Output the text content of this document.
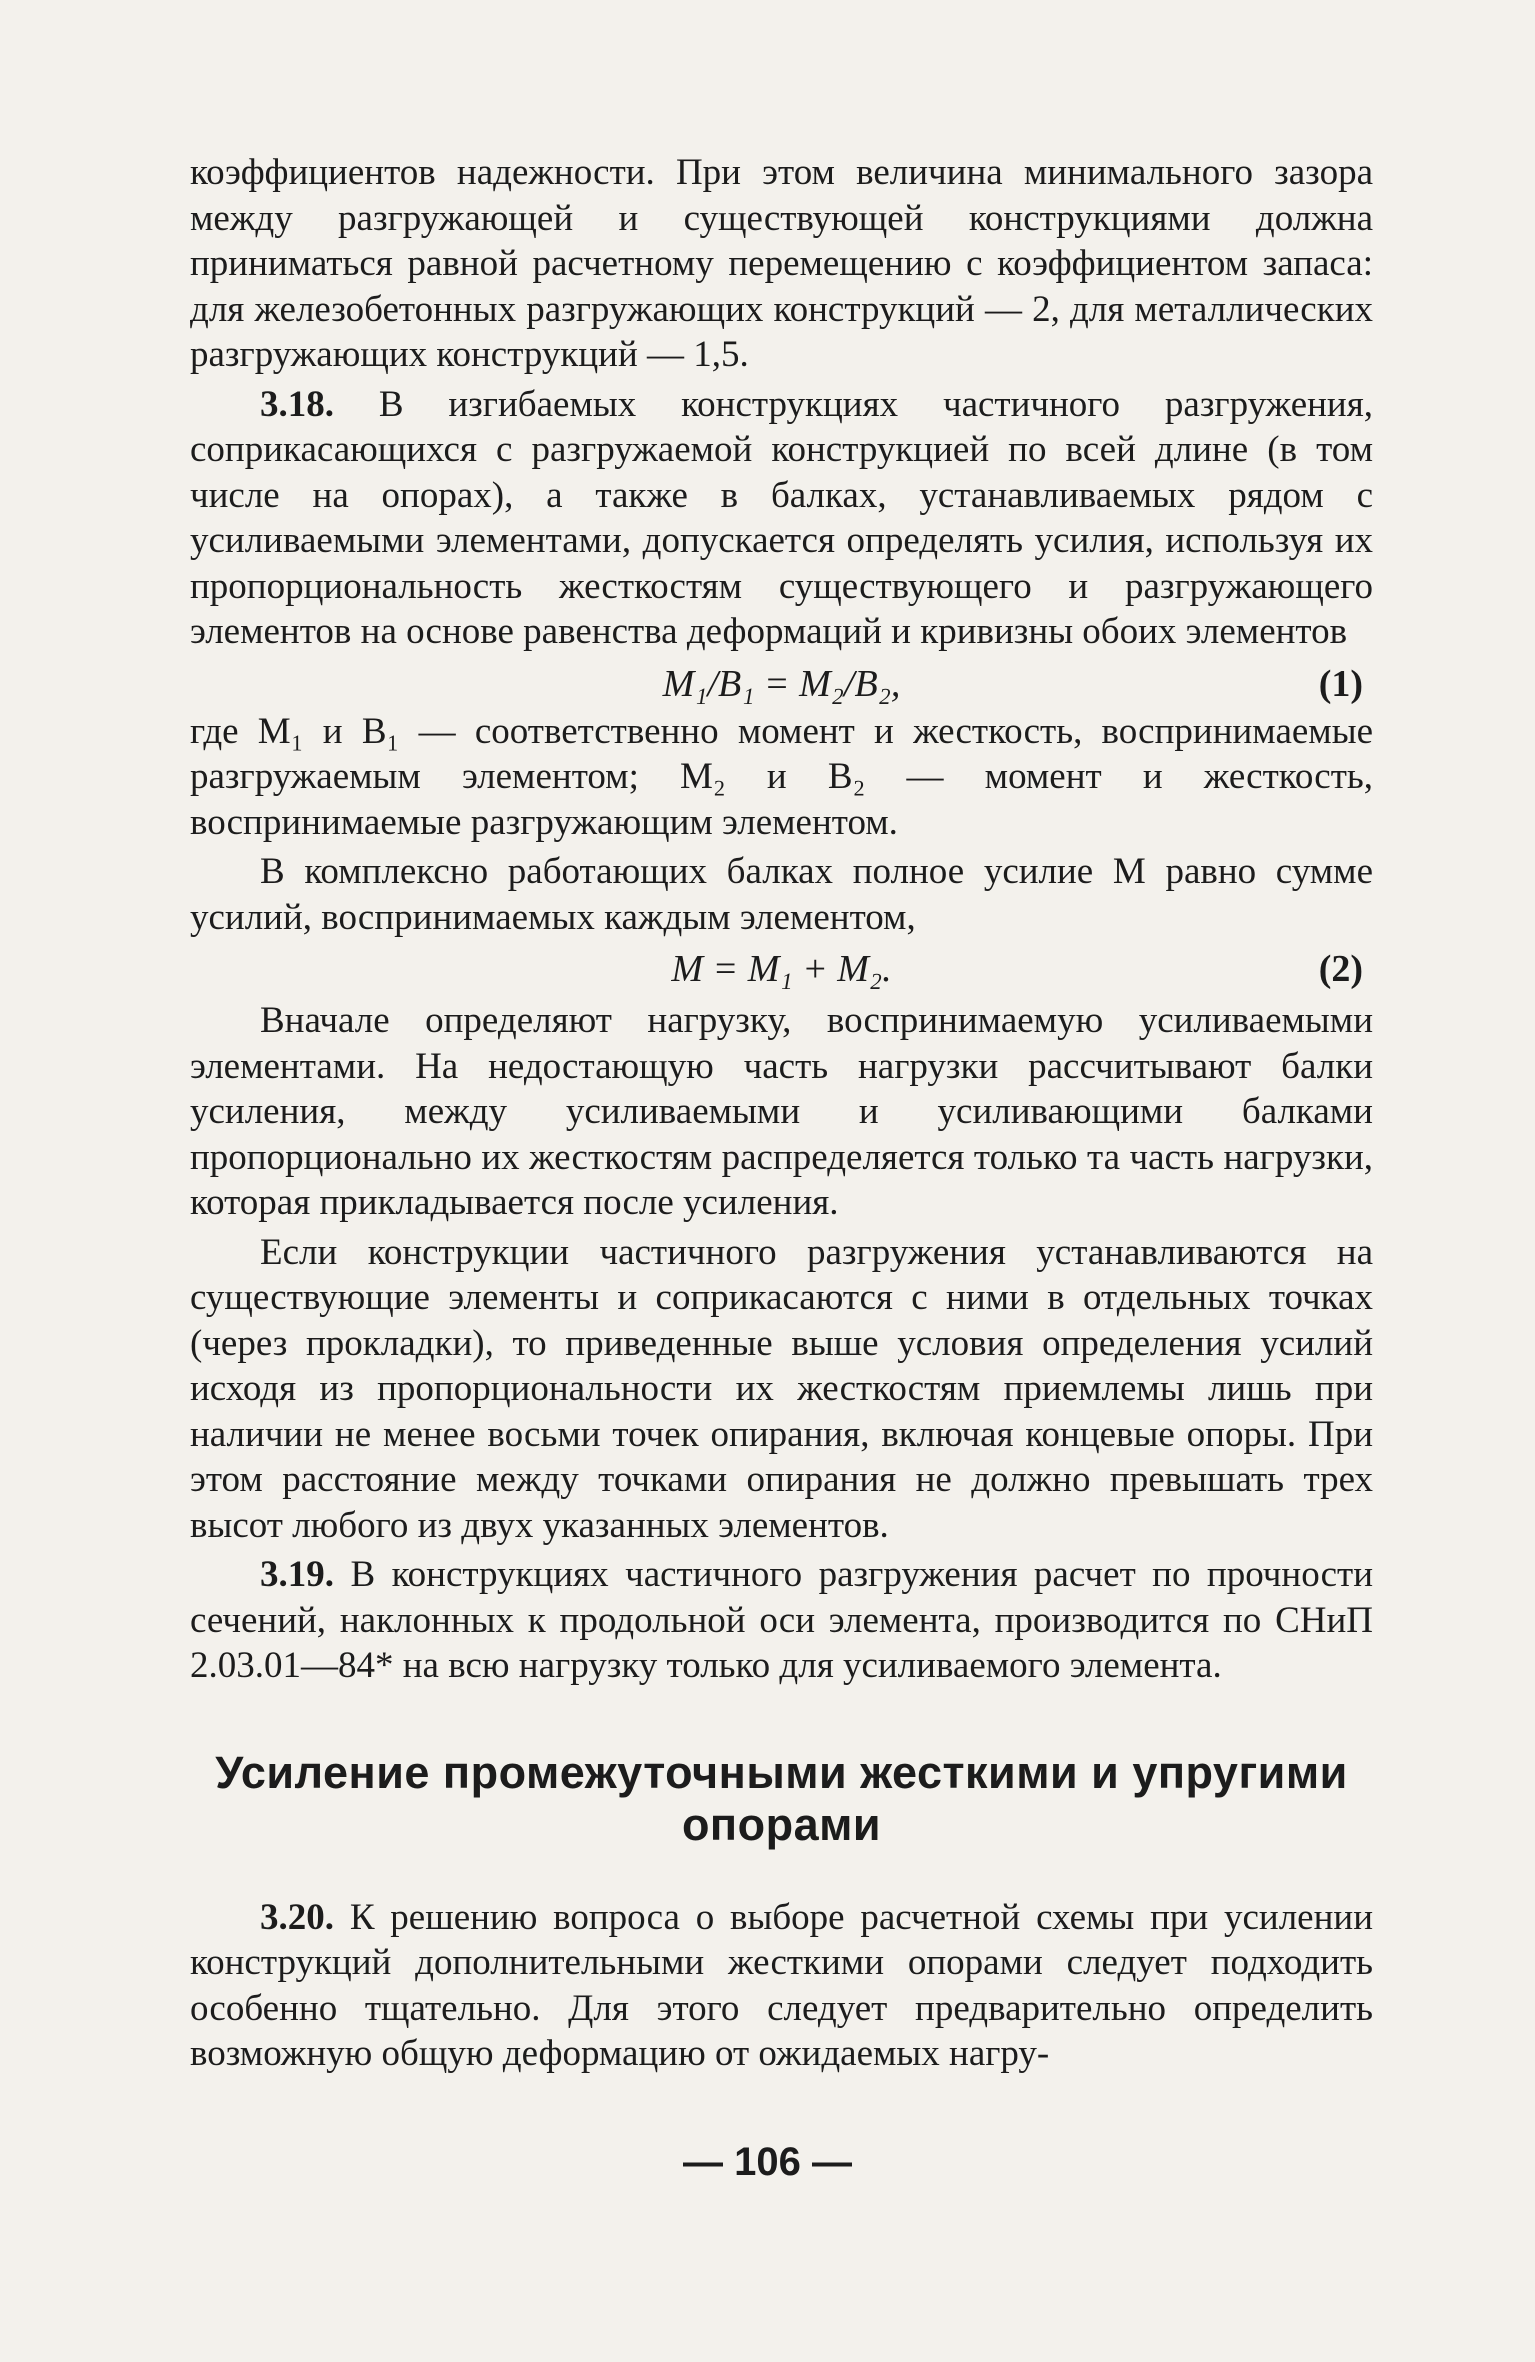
коэффициентов надежности. При этом величина минимального зазора между разгружающей и существующей конструкциями должна приниматься равной расчетному перемещению с коэффициентом запаса: для железобетонных разгружающих конструкций — 2, для металлических разгружающих конструкций — 1,5.

3.18. В изгибаемых конструкциях частичного разгружения, соприкасающихся с разгружаемой конструкцией по всей длине (в том числе на опорах), а также в балках, устанавливаемых рядом с усиливаемыми элементами, допускается определять усилия, используя их пропорциональность жесткостям существующего и разгружающего элементов на основе равенства деформаций и кривизны обоих элементов

M₁/B₁ = M₂/B₂,	(1)

где M₁ и B₁ — соответственно момент и жесткость, воспринимаемые разгружаемым элементом; M₂ и B₂ — момент и жесткость, воспринимаемые разгружающим элементом.

В комплексно работающих балках полное усилие M равно сумме усилий, воспринимаемых каждым элементом,

M = M₁ + M₂.	(2)

Вначале определяют нагрузку, воспринимаемую усиливаемыми элементами. На недостающую часть нагрузки рассчитывают балки усиления, между усиливаемыми и усиливающими балками пропорционально их жесткостям распределяется только та часть нагрузки, которая прикладывается после усиления.

Если конструкции частичного разгружения устанавливаются на существующие элементы и соприкасаются с ними в отдельных точках (через прокладки), то приведенные выше условия определения усилий исходя из пропорциональности их жесткостям приемлемы лишь при наличии не менее восьми точек опирания, включая концевые опоры. При этом расстояние между точками опирания не должно превышать трех высот любого из двух указанных элементов.

3.19. В конструкциях частичного разгружения расчет по прочности сечений, наклонных к продольной оси элемента, производится по СНиП 2.03.01—84* на всю нагрузку только для усиливаемого элемента.

Усиление промежуточными жесткими и упругими опорами

3.20. К решению вопроса о выборе расчетной схемы при усилении конструкций дополнительными жесткими опорами следует подходить особенно тщательно. Для этого следует предварительно определить возможную общую деформацию от ожидаемых нагру-

— 106 —
